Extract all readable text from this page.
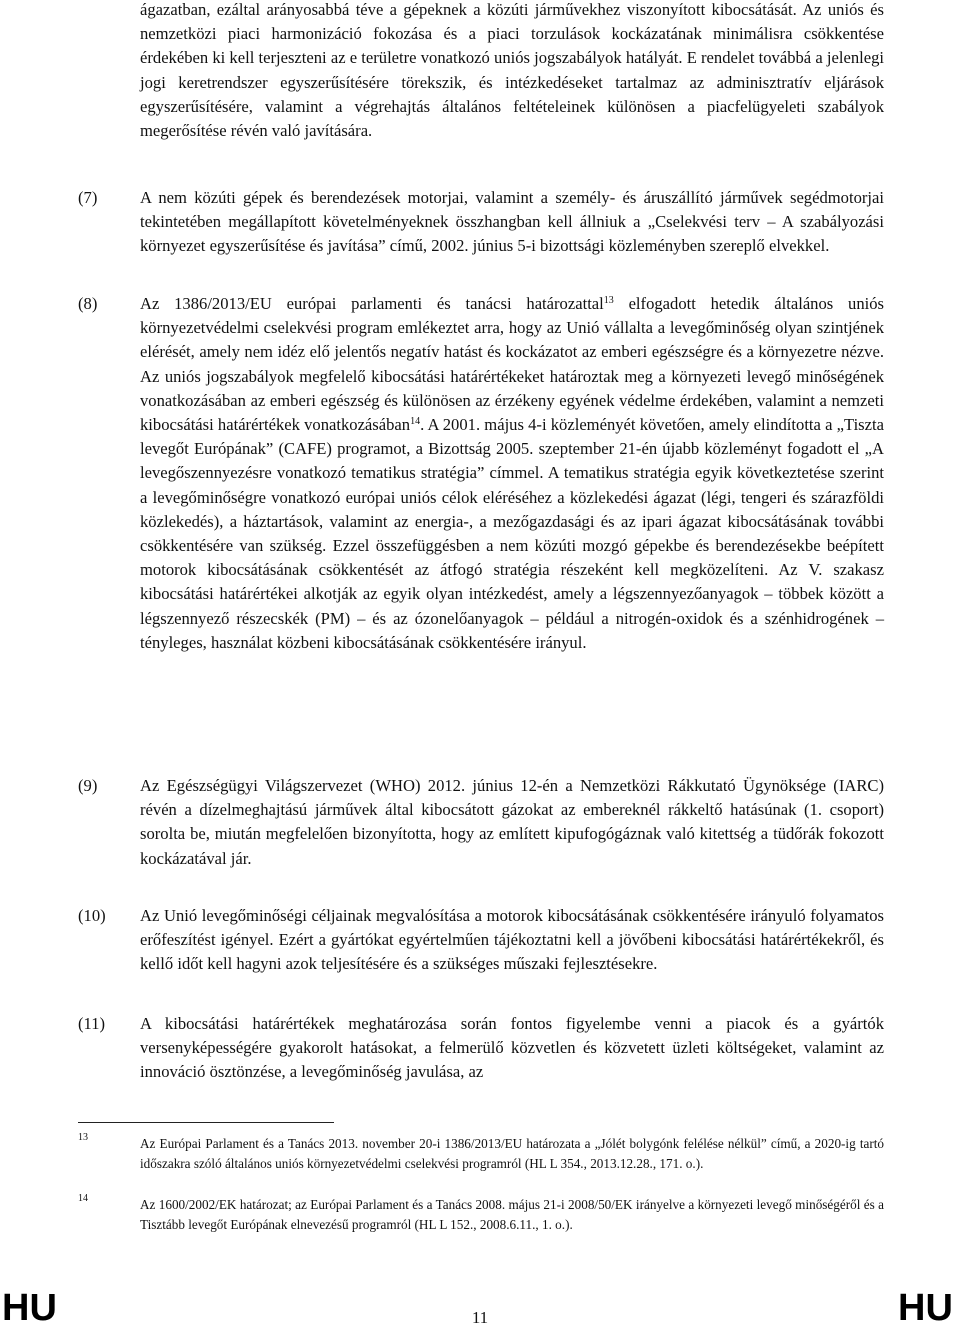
ágazatban, ezáltal arányosabbá téve a gépeknek a közúti járművekhez viszonyított kibocsátását. Az uniós és nemzetközi piaci harmonizáció fokozása és a piaci torzulások kockázatának minimálisra csökkentése érdekében ki kell terjeszteni az e területre vonatkozó uniós jogszabályok hatályát. E rendelet továbbá a jelenlegi jogi keretrendszer egyszerűsítésére törekszik, és intézkedéseket tartalmaz az adminisztratív eljárások egyszerűsítésére, valamint a végrehajtás általános feltételeinek különösen a piacfelügyeleti szabályok megerősítése révén való javítására.

(7)	A nem közúti gépek és berendezések motorjai, valamint a személy- és áruszállító járművek segédmotorjai tekintetében megállapított követelményeknek összhangban kell állniuk a „Cselekvési terv – A szabályozási környezet egyszerűsítése és javítása” című, 2002. június 5-i bizottsági közleményben szereplő elvekkel.
(8)	Az 1386/2013/EU európai parlamenti és tanácsi határozattal$^{13}$ elfogadott hetedik általános uniós környezetvédelmi cselekvési program emlékeztet arra, hogy az Unió vállalta a levegőminőség olyan szintjének elérését, amely nem idéz elő jelentős negatív hatást és kockázatot az emberi egészségre és a környezetre nézve. Az uniós jogszabályok megfelelő kibocsátási határértékeket határoztak meg a környezeti levegő minőségének vonatkozásában az emberi egészség és különösen az érzékeny egyének védelme érdekében, valamint a nemzeti kibocsátási határértékek vonatkozásában$^{14}$. A 2001. május 4-i közleményét követően, amely elindította a „Tiszta levegőt Európának” (CAFE) programot, a Bizottság 2005. szeptember 21-én újabb közleményt fogadott el „A levegőszennyezésre vonatkozó tematikus stratégia” címmel. A tematikus stratégia egyik következtetése szerint a levegőminőségre vonatkozó európai uniós célok eléréséhez a közlekedési ágazat (légi, tengeri és szárazföldi közlekedés), a háztartások, valamint az energia-, a mezőgazdasági és az ipari ágazat kibocsátásának további csökkentésére van szükség. Ezzel összefüggésben a nem közúti mozgó gépekbe és berendezésekbe beépített motorok kibocsátásának csökkentését az átfogó stratégia részeként kell megközelíteni. Az V. szakasz kibocsátási határértékei alkotják az egyik olyan intézkedést, amely a légszennyezőanyagok – többek között a légszennyező részecskék (PM) – és az ózonelőanyagok – például a nitrogén-oxidok és a szénhidrogének – tényleges, használat közbeni kibocsátásának csökkentésére irányul.
(9)	Az Egészségügyi Világszervezet (WHO) 2012. június 12-én a Nemzetközi Rákkutató Ügynöksége (IARC) révén a dízelmeghajtású járművek által kibocsátott gázokat az embereknél rákkeltő hatásúnak (1. csoport) sorolta be, miután megfelelően bizonyította, hogy az említett kipufogógáznak való kitettség a tüdőrák fokozott kockázatával jár.
(10)	Az Unió levegőminőségi céljainak megvalósítása a motorok kibocsátásának csökkentésére irányuló folyamatos erőfeszítést igényel. Ezért a gyártókat egyértelműen tájékoztatni kell a jövőbeni kibocsátási határértékekről, és kellő időt kell hagyni azok teljesítésére és a szükséges műszaki fejlesztésekre.
(11)	A kibocsátási határértékek meghatározása során fontos figyelembe venni a piacok és a gyártók versenyképességére gyakorolt hatásokat, a felmerülő közvetlen és közvetett üzleti költségeket, valamint az innováció ösztönzése, a levegőminőség javulása, az
13	Az Európai Parlament és a Tanács 2013. november 20-i 1386/2013/EU határozata a „Jólét bolygónk felélése nélkül” című, a 2020-ig tartó időszakra szóló általános uniós környezetvédelmi cselekvési programról (HL L 354., 2013.12.28., 171. o.).
14	Az 1600/2002/EK határozat; az Európai Parlament és a Tanács 2008. május 21-i 2008/50/EK irányelve a környezeti levegő minőségéről és a Tisztább levegőt Európának elnevezésű programról (HL L 152., 2008.6.11., 1. o.).
HU	11	HU
